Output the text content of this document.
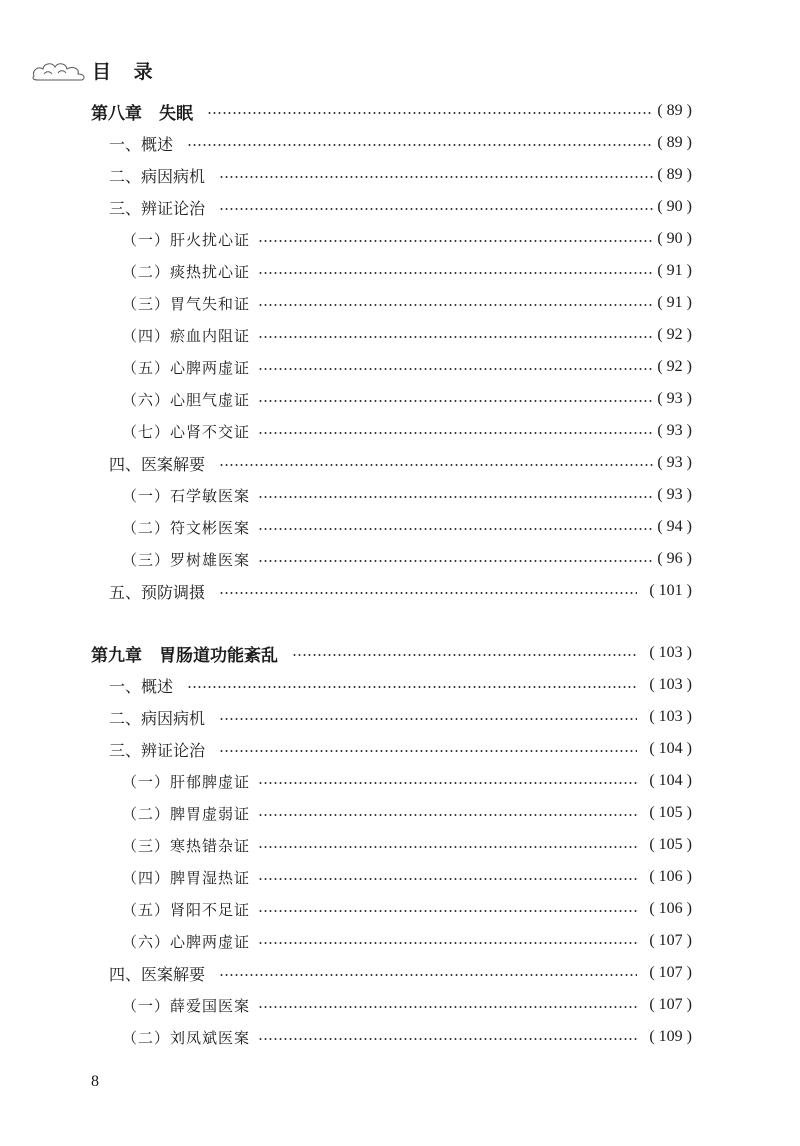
目 录
第八章　失眠	( 89 )
一、概述	( 89 )
二、病因病机	( 89 )
三、辨证论治	( 90 )
（一）肝火扰心证	( 90 )
（二）痰热扰心证	( 91 )
（三）胃气失和证	( 91 )
（四）瘀血内阻证	( 92 )
（五）心脾两虚证	( 92 )
（六）心胆气虚证	( 93 )
（七）心肾不交证	( 93 )
四、医案解要	( 93 )
（一）石学敏医案	( 93 )
（二）符文彬医案	( 94 )
（三）罗树雄医案	( 96 )
五、预防调摄	( 101 )
第九章　胃肠道功能紊乱	( 103 )
一、概述	( 103 )
二、病因病机	( 103 )
三、辨证论治	( 104 )
（一）肝郁脾虚证	( 104 )
（二）脾胃虚弱证	( 105 )
（三）寒热错杂证	( 105 )
（四）脾胃湿热证	( 106 )
（五）肾阳不足证	( 106 )
（六）心脾两虚证	( 107 )
四、医案解要	( 107 )
（一）薛爱国医案	( 107 )
（二）刘凤斌医案	( 109 )
8
